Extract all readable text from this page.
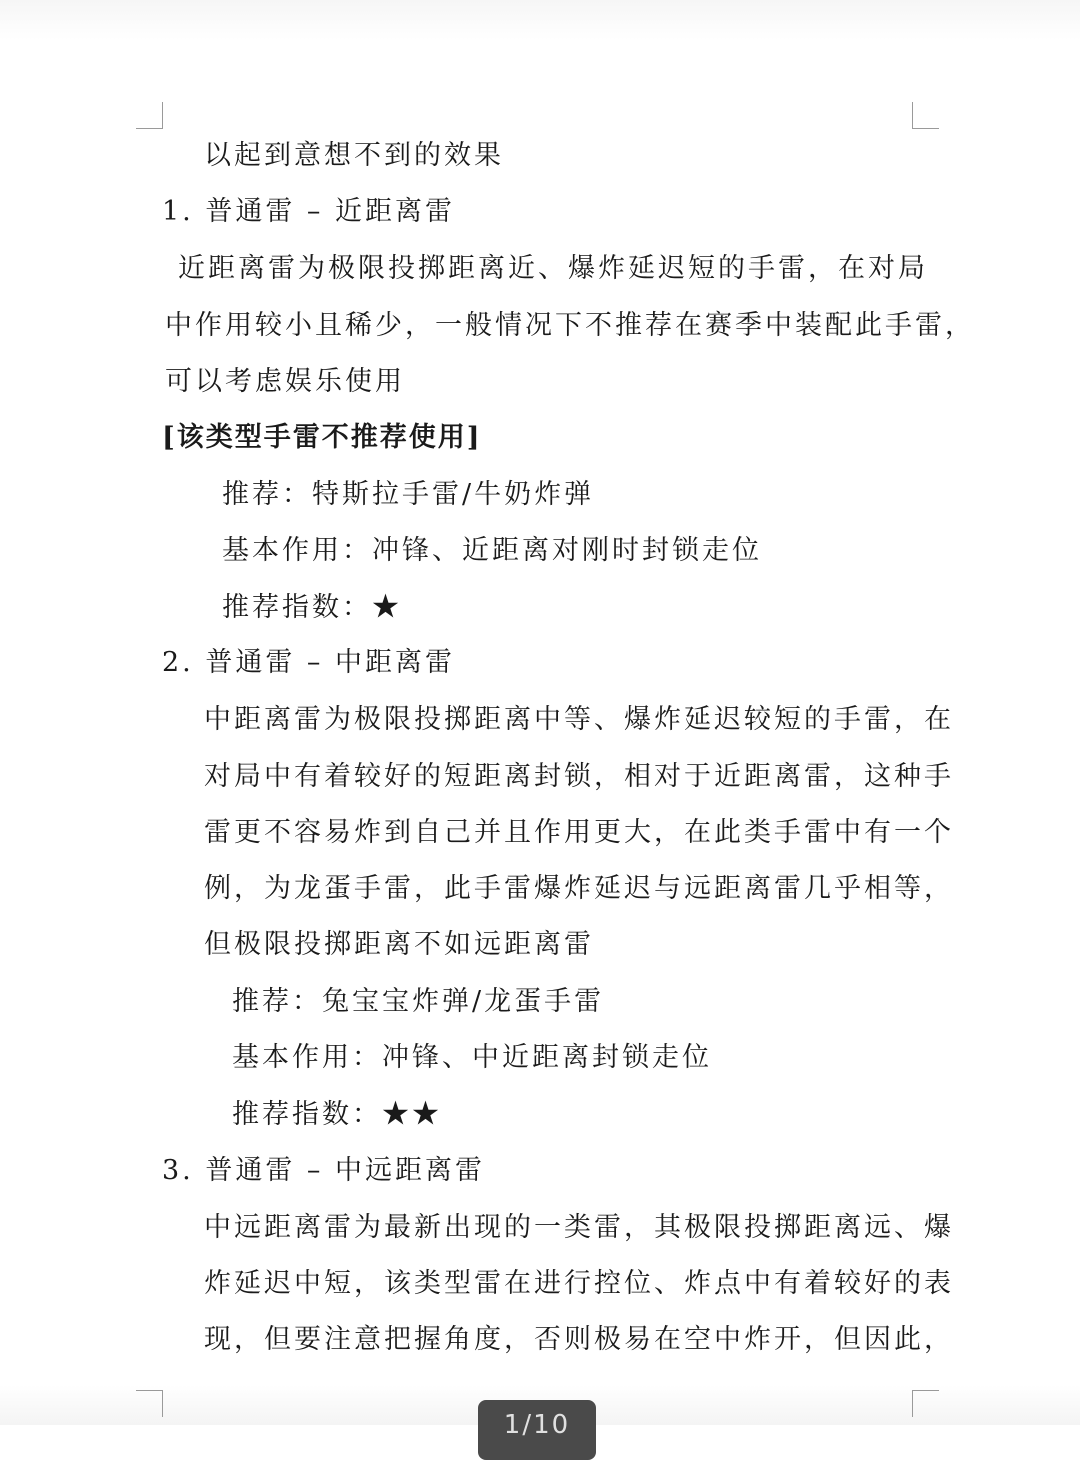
以起到意想不到的效果
1. 普通雷 – 近距离雷
近距离雷为极限投掷距离近、爆炸延迟短的手雷，在对局
中作用较小且稀少，一般情况下不推荐在赛季中装配此手雷，
可以考虑娱乐使用
[该类型手雷不推荐使用]
推荐：特斯拉手雷/牛奶炸弹
基本作用：冲锋、近距离对刚时封锁走位
推荐指数：★
2. 普通雷 – 中距离雷
中距离雷为极限投掷距离中等、爆炸延迟较短的手雷，在
对局中有着较好的短距离封锁，相对于近距离雷，这种手
雷更不容易炸到自己并且作用更大，在此类手雷中有一个
例，为龙蛋手雷，此手雷爆炸延迟与远距离雷几乎相等，
但极限投掷距离不如远距离雷
推荐：兔宝宝炸弹/龙蛋手雷
基本作用：冲锋、中近距离封锁走位
推荐指数：★★
3. 普通雷 – 中远距离雷
中远距离雷为最新出现的一类雷，其极限投掷距离远、爆
炸延迟中短，该类型雷在进行控位、炸点中有着较好的表
现，但要注意把握角度，否则极易在空中炸开，但因此，
1/10
